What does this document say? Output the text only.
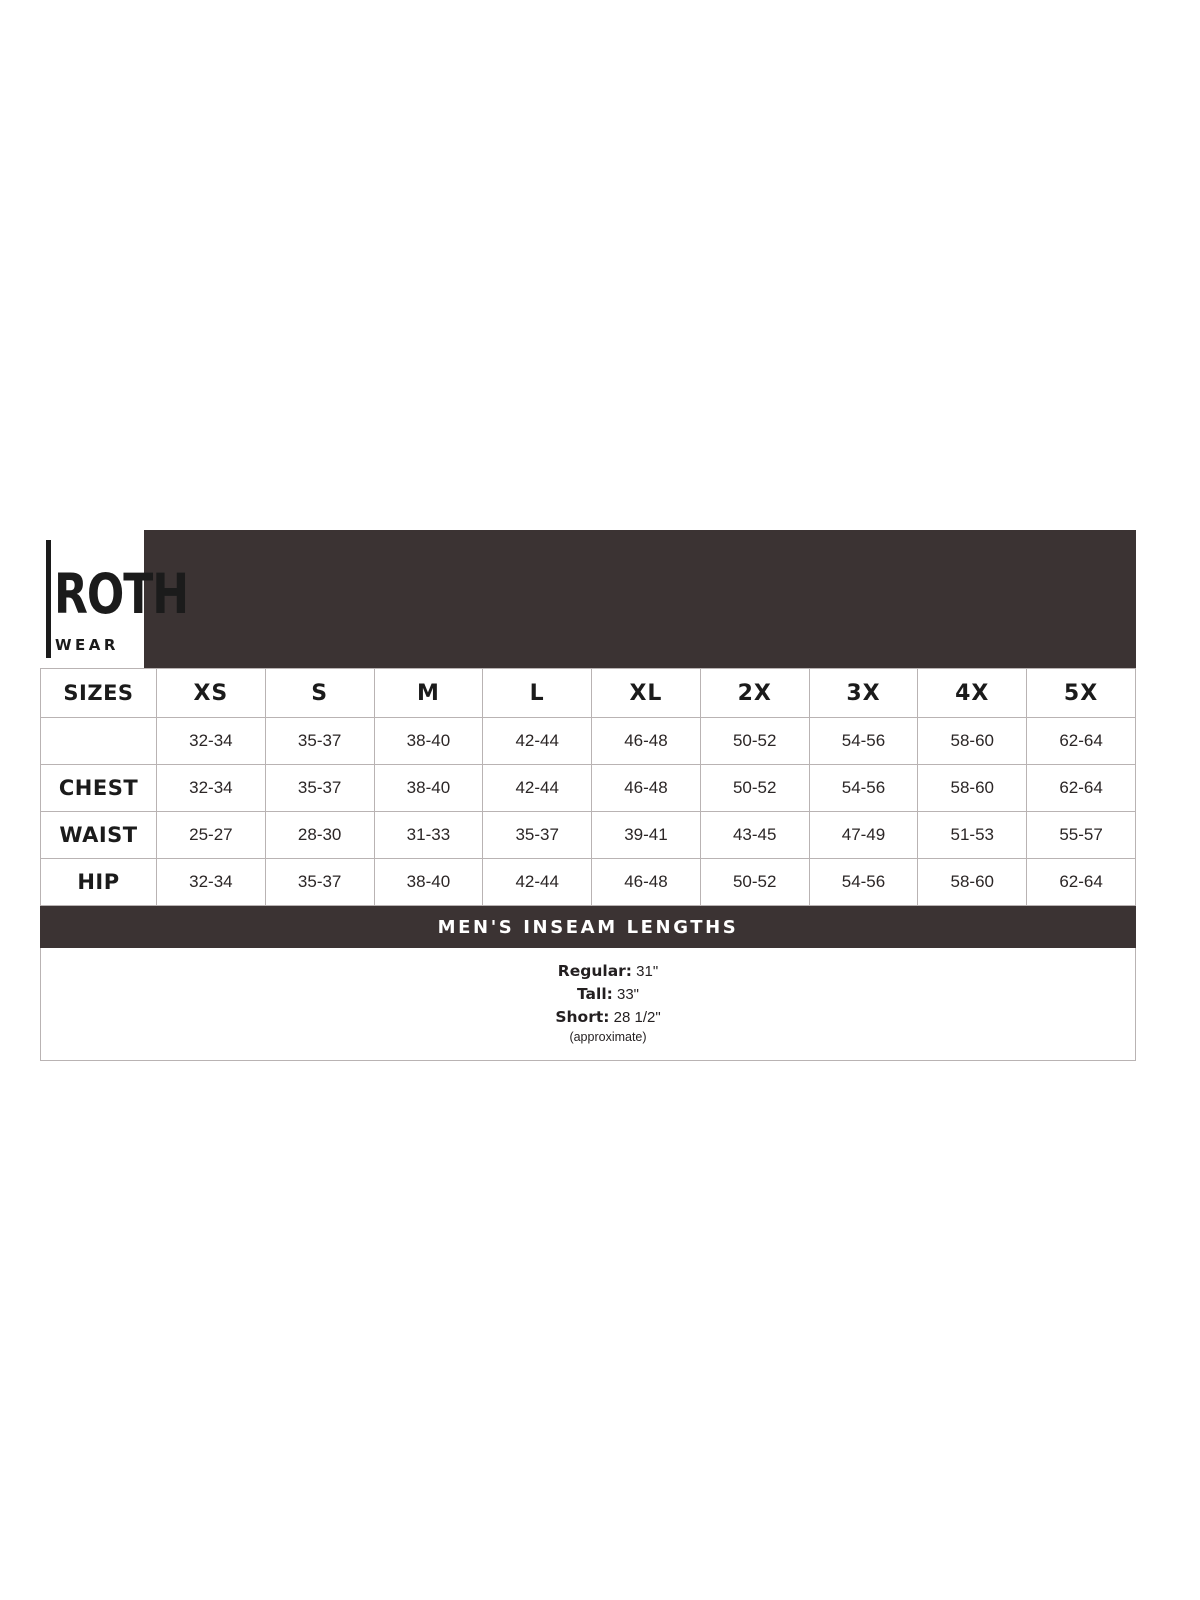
ROTH
WEAR
SIZES	XS	S	M	L	XL	2X	3X	4X	5X
	32-34	35-37	38-40	42-44	46-48	50-52	54-56	58-60	62-64
CHEST	32-34	35-37	38-40	42-44	46-48	50-52	54-56	58-60	62-64
WAIST	25-27	28-30	31-33	35-37	39-41	43-45	47-49	51-53	55-57
HIP	32-34	35-37	38-40	42-44	46-48	50-52	54-56	58-60	62-64
MEN'S INSEAM LENGTHS
Regular: 31"
Tall: 33"
Short: 28 1/2"
(approximate)
